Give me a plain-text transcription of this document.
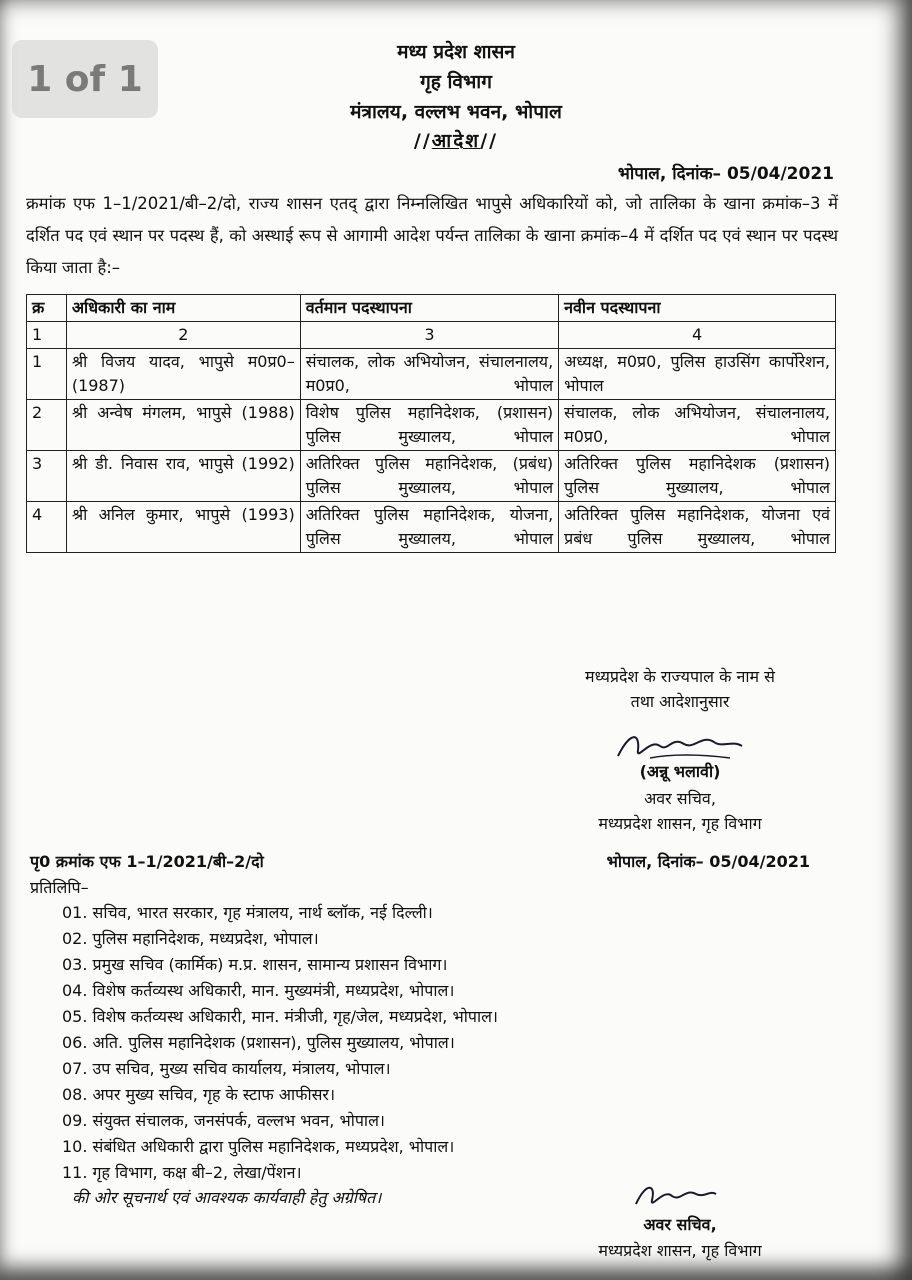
1 of 1
मध्य प्रदेश शासन
गृह विभाग
मंत्रालय, वल्लभ भवन, भोपाल
//आदेश//
भोपाल, दिनांक– 05/04/2021
क्रमांक एफ 1–1/2021/बी–2/दो, राज्य शासन एतद् द्वारा निम्नलिखित भापुसे अधिकारियों को, जो तालिका के खाना क्रमांक–3 में दर्शित पद एवं स्थान पर पदस्थ हैं, को अस्थाई रूप से आगामी आदेश पर्यन्त तालिका के खाना क्रमांक–4 में दर्शित पद एवं स्थान पर पदस्थ किया जाता है:–
क्र	अधिकारी का नाम	वर्तमान पदस्थापना	नवीन पदस्थापना
1	2	3	4
1	श्री विजय यादव, भापुसे म0प्र0–(1987)	संचालक, लोक अभियोजन, संचालनालय, म0प्र0, भोपाल	अध्यक्ष, म0प्र0, पुलिस हाउसिंग कार्पोरेशन, भोपाल
2	श्री अन्वेष मंगलम, भापुसे (1988)	विशेष पुलिस महानिदेशक, (प्रशासन) पुलिस मुख्यालय, भोपाल	संचालक, लोक अभियोजन, संचालनालय, म0प्र0, भोपाल
3	श्री डी. निवास राव, भापुसे (1992)	अतिरिक्त पुलिस महानिदेशक, (प्रबंध) पुलिस मुख्यालय, भोपाल	अतिरिक्त पुलिस महानिदेशक (प्रशासन) पुलिस मुख्यालय, भोपाल
4	श्री अनिल कुमार, भापुसे (1993)	अतिरिक्त पुलिस महानिदेशक, योजना, पुलिस मुख्यालय, भोपाल	अतिरिक्त पुलिस महानिदेशक, योजना एवं प्रबंध पुलिस मुख्यालय, भोपाल
मध्यप्रदेश के राज्यपाल के नाम से
तथा आदेशानुसार
(अन्नू भलावी)
अवर सचिव,
मध्यप्रदेश शासन, गृह विभाग
पृ0 क्रमांक एफ 1–1/2021/बी–2/दो	भोपाल, दिनांक– 05/04/2021
प्रतिलिपि–
01. सचिव, भारत सरकार, गृह मंत्रालय, नार्थ ब्लॉक, नई दिल्ली।
02. पुलिस महानिदेशक, मध्यप्रदेश, भोपाल।
03. प्रमुख सचिव (कार्मिक) म.प्र. शासन, सामान्य प्रशासन विभाग।
04. विशेष कर्तव्यस्थ अधिकारी, मान. मुख्यमंत्री, मध्यप्रदेश, भोपाल।
05. विशेष कर्तव्यस्थ अधिकारी, मान. मंत्रीजी, गृह/जेल, मध्यप्रदेश, भोपाल।
06. अति. पुलिस महानिदेशक (प्रशासन), पुलिस मुख्यालय, भोपाल।
07. उप सचिव, मुख्य सचिव कार्यालय, मंत्रालय, भोपाल।
08. अपर मुख्य सचिव, गृह के स्टाफ आफीसर।
09. संयुक्त संचालक, जनसंपर्क, वल्लभ भवन, भोपाल।
10. संबंधित अधिकारी द्वारा पुलिस महानिदेशक, मध्यप्रदेश, भोपाल।
11. गृह विभाग, कक्ष बी–2, लेखा/पेंशन।
की ओर सूचनार्थ एवं आवश्यक कार्यवाही हेतु अग्रेषित।
अवर सचिव,
मध्यप्रदेश शासन, गृह विभाग
